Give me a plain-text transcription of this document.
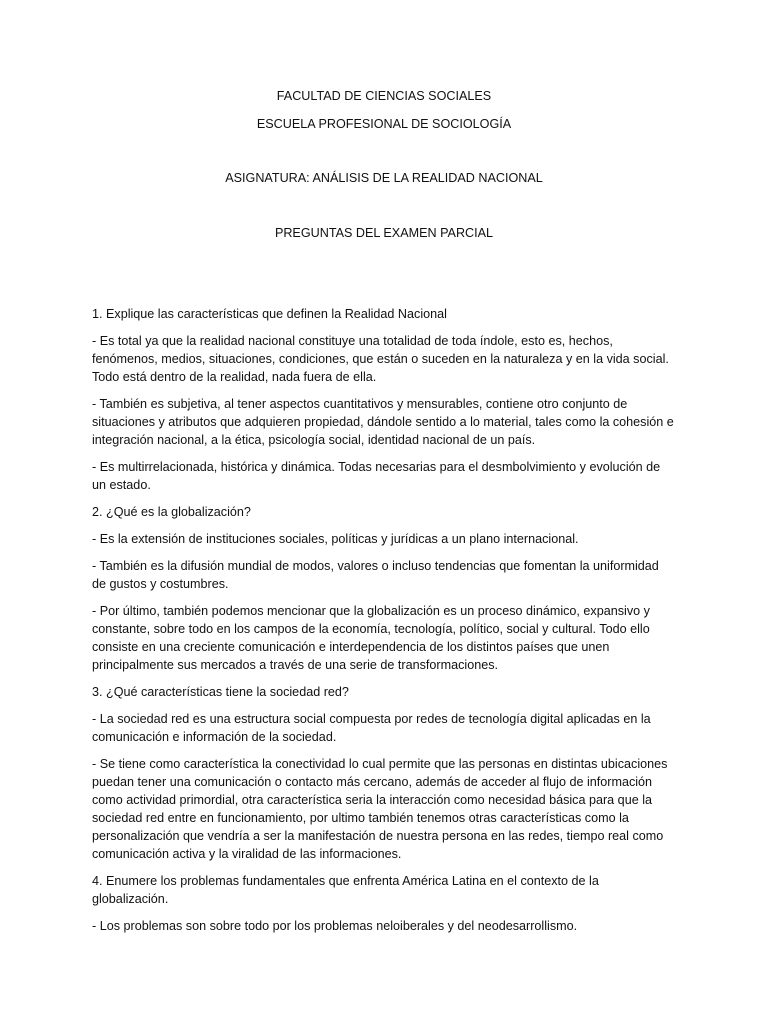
FACULTAD DE CIENCIAS SOCIALES
ESCUELA PROFESIONAL DE SOCIOLOGÍA
ASIGNATURA: ANÁLISIS DE LA REALIDAD NACIONAL
PREGUNTAS DEL EXAMEN PARCIAL

1. Explique las características que definen la Realidad Nacional

- Es total ya que la realidad nacional constituye una totalidad de toda índole, esto es, hechos, fenómenos, medios, situaciones, condiciones, que están o suceden en la naturaleza y en la vida social. Todo está dentro de la realidad, nada fuera de ella.

- También es subjetiva, al tener aspectos cuantitativos y mensurables, contiene otro conjunto de situaciones y atributos que adquieren propiedad, dándole sentido a lo material, tales como la cohesión e integración nacional, a la ética, psicología social, identidad nacional de un país.

- Es multirrelacionada, histórica y dinámica. Todas necesarias para el desmbolvimiento y evolución de un estado.

2. ¿Qué es la globalización?

- Es la extensión de instituciones sociales, políticas y jurídicas a un plano internacional.

- También es la difusión mundial de modos, valores o incluso tendencias que fomentan la uniformidad de gustos y costumbres.

- Por último, también podemos mencionar que la globalización es un proceso dinámico, expansivo y constante, sobre todo en los campos de la economía, tecnología, político, social y cultural. Todo ello consiste en una creciente comunicación e interdependencia de los distintos países que unen principalmente sus mercados a través de una serie de transformaciones.

3. ¿Qué características tiene la sociedad red?

- La sociedad red es una estructura social compuesta por redes de tecnología digital aplicadas en la comunicación e información de la sociedad.

- Se tiene como característica la conectividad lo cual permite que las personas en distintas ubicaciones puedan tener una comunicación o contacto más cercano, además de acceder al flujo de información como actividad primordial, otra característica seria la interacción como necesidad básica para que la sociedad red entre en funcionamiento, por ultimo también tenemos otras características como la personalización que vendría a ser la manifestación de nuestra persona en las redes, tiempo real como comunicación activa y la viralidad de las informaciones.

4. Enumere los problemas fundamentales que enfrenta América Latina en el contexto de la globalización.

- Los problemas son sobre todo por los problemas neloiberales y del neodesarrollismo.
